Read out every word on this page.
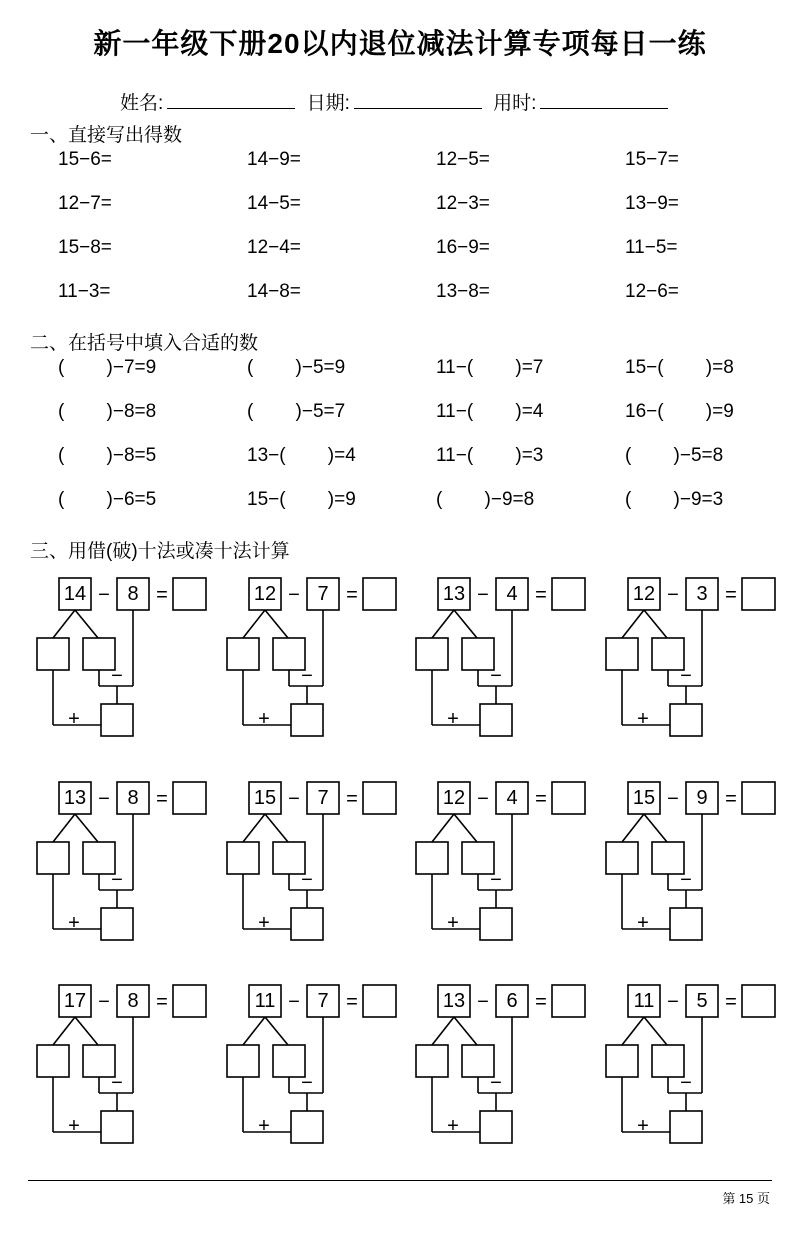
新一年级下册20以内退位减法计算专项每日一练
姓名:	日期:	用时:
一、直接写出得数
15−6=	14−9=	12−5=	15−7=
12−7=	14−5=	12−3=	13−9=
15−8=	12−4=	16−9=	11−5=
11−3=	14−8=	13−8=	12−6=
二、在括号中填入合适的数
(        )−7=9	(        )−5=9	11−(        )=7	15−(        )=8
(        )−8=8	(        )−5=7	11−(        )=4	16−(        )=9
(        )−8=5	13−(        )=4	11−(        )=3	(        )−5=8
(        )−6=5	15−(        )=9	(        )−9=8	(        )−9=3
三、用借(破)十法或凑十法计算
− =
−
+
14	8	− =
−
+
12	7	− =
−
+
13	4	− =
−
+
12	3
− =
−
+
13	8	− =
−
+
15	7	− =
−
+
12	4	− =
−
+
15	9
− =
−
+
17	8	− =
−
+
11	7	− =
−
+
13	6	− =
−
+
11	5
第 15 页
